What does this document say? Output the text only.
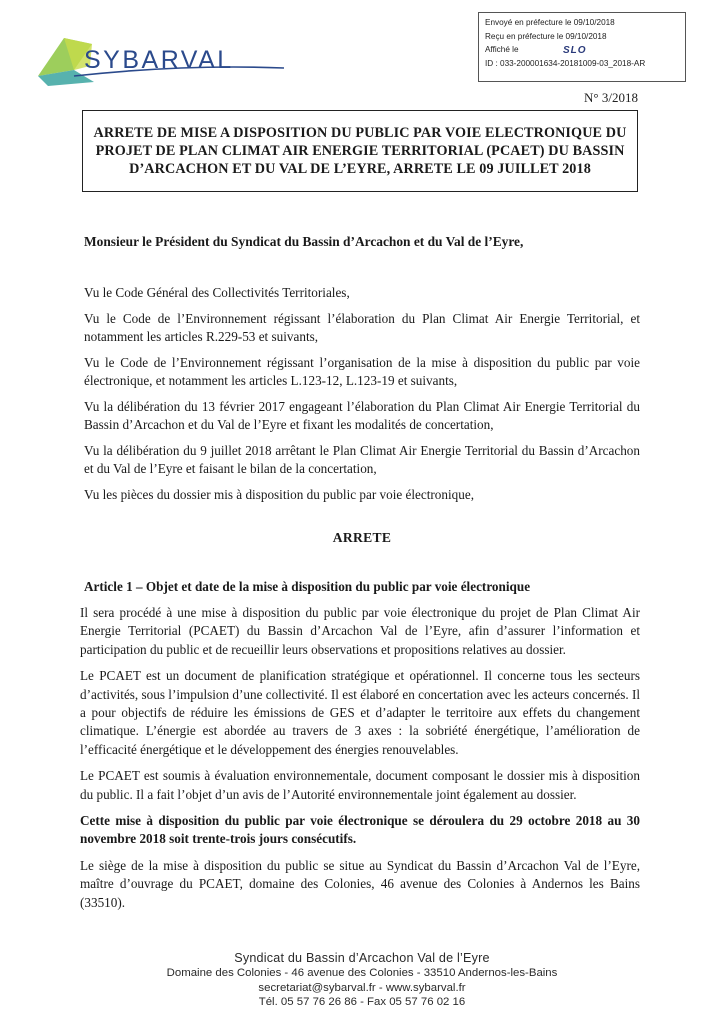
Envoyé en préfecture le 09/10/2018
Reçu en préfecture le 09/10/2018
Affiché le	SLO
ID : 033-200001634-20181009-03_2018-AR
SYBARVAL
N° 3/2018
ARRETE DE MISE A DISPOSITION DU PUBLIC PAR VOIE ELECTRONIQUE DU PROJET DE PLAN CLIMAT AIR ENERGIE TERRITORIAL (PCAET) DU BASSIN D’ARCACHON ET DU VAL DE L’EYRE, ARRETE LE 09 JUILLET 2018
Monsieur le Président du Syndicat du Bassin d’Arcachon et du Val de l’Eyre,

Vu le Code Général des Collectivités Territoriales,

Vu le Code de l’Environnement régissant l’élaboration du Plan Climat Air Energie Territorial, et notamment les articles R.229-53 et suivants,

Vu le Code de l’Environnement régissant l’organisation de la mise à disposition du public par voie électronique, et notamment les articles L.123-12, L.123-19 et suivants,

Vu la délibération du 13 février 2017 engageant l’élaboration du Plan Climat Air Energie Territorial du Bassin d’Arcachon et du Val de l’Eyre et fixant les modalités de concertation,

Vu la délibération du 9 juillet 2018 arrêtant le Plan Climat Air Energie Territorial du Bassin d’Arcachon et du Val de l’Eyre et faisant le bilan de la concertation,

Vu les pièces du dossier mis à disposition du public par voie électronique,

ARRETE
Article 1 – Objet et date de la mise à disposition du public par voie électronique

Il sera procédé à une mise à disposition du public par voie électronique du projet de Plan Climat Air Energie Territorial (PCAET) du Bassin d’Arcachon Val de l’Eyre, afin d’assurer l’information et participation du public et de recueillir leurs observations et propositions relatives au dossier.

Le PCAET est un document de planification stratégique et opérationnel. Il concerne tous les secteurs d’activités, sous l’impulsion d’une collectivité. Il est élaboré en concertation avec les acteurs concernés. Il a pour objectifs de réduire les émissions de GES et d’adapter le territoire aux effets du changement climatique. L’énergie est abordée au travers de 3 axes : la sobriété énergétique, l’amélioration de l’efficacité énergétique et le développement des énergies renouvelables.

Le PCAET est soumis à évaluation environnementale, document composant le dossier mis à disposition du public. Il a fait l’objet d’un avis de l’Autorité environnementale joint également au dossier.

Cette mise à disposition du public par voie électronique se déroulera du 29 octobre 2018 au 30 novembre 2018 soit trente-trois jours consécutifs.

Le siège de la mise à disposition du public se situe au Syndicat du Bassin d’Arcachon Val de l’Eyre, maître d’ouvrage du PCAET, domaine des Colonies, 46 avenue des Colonies à Andernos les Bains (33510).

Syndicat du Bassin d’Arcachon Val de l’Eyre
Domaine des Colonies - 46 avenue des Colonies - 33510 Andernos-les-Bains
secretariat@sybarval.fr - www.sybarval.fr
Tél. 05 57 76 26 86 - Fax 05 57 76 02 16
